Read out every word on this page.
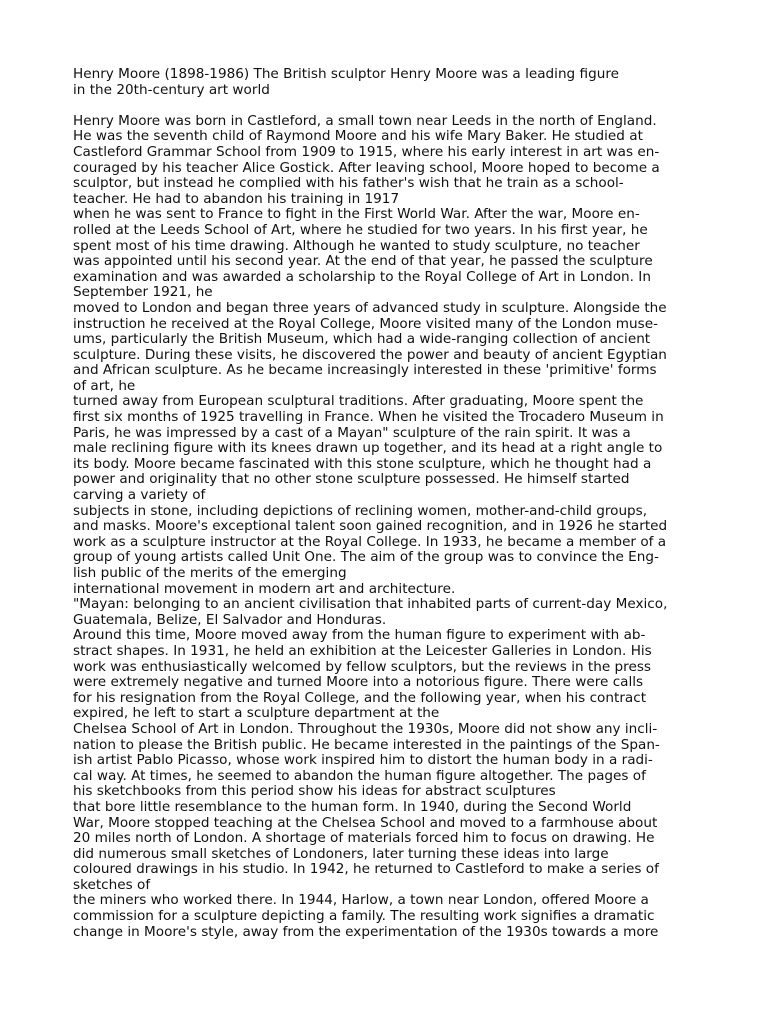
Henry Moore (1898-1986) The British sculptor Henry Moore was a leading figure
in the 20th-century art world
Henry Moore was born in Castleford, a small town near Leeds in the north of England.
He was the seventh child of Raymond Moore and his wife Mary Baker. He studied at
Castleford Grammar School from 1909 to 1915, where his early interest in art was en-
couraged by his teacher Alice Gostick. After leaving school, Moore hoped to become a
sculptor, but instead he complied with his father's wish that he train as a school-
teacher. He had to abandon his training in 1917
when he was sent to France to fight in the First World War. After the war, Moore en-
rolled at the Leeds School of Art, where he studied for two years. In his first year, he
spent most of his time drawing. Although he wanted to study sculpture, no teacher
was appointed until his second year. At the end of that year, he passed the sculpture
examination and was awarded a scholarship to the Royal College of Art in London. In
September 1921, he
moved to London and began three years of advanced study in sculpture. Alongside the
instruction he received at the Royal College, Moore visited many of the London muse-
ums, particularly the British Museum, which had a wide-ranging collection of ancient
sculpture. During these visits, he discovered the power and beauty of ancient Egyptian
and African sculpture. As he became increasingly interested in these 'primitive' forms
of art, he
turned away from European sculptural traditions. After graduating, Moore spent the
first six months of 1925 travelling in France. When he visited the Trocadero Museum in
Paris, he was impressed by a cast of a Mayan" sculpture of the rain spirit. It was a
male reclining figure with its knees drawn up together, and its head at a right angle to
its body. Moore became fascinated with this stone sculpture, which he thought had a
power and originality that no other stone sculpture possessed. He himself started
carving a variety of
subjects in stone, including depictions of reclining women, mother-and-child groups,
and masks. Moore's exceptional talent soon gained recognition, and in 1926 he started
work as a sculpture instructor at the Royal College. In 1933, he became a member of a
group of young artists called Unit One. The aim of the group was to convince the Eng-
lish public of the merits of the emerging
international movement in modern art and architecture.
"Mayan: belonging to an ancient civilisation that inhabited parts of current-day Mexico,
Guatemala, Belize, El Salvador and Honduras.
Around this time, Moore moved away from the human figure to experiment with ab-
stract shapes. In 1931, he held an exhibition at the Leicester Galleries in London. His
work was enthusiastically welcomed by fellow sculptors, but the reviews in the press
were extremely negative and turned Moore into a notorious figure. There were calls
for his resignation from the Royal College, and the following year, when his contract
expired, he left to start a sculpture department at the
Chelsea School of Art in London. Throughout the 1930s, Moore did not show any incli-
nation to please the British public. He became interested in the paintings of the Span-
ish artist Pablo Picasso, whose work inspired him to distort the human body in a radi-
cal way. At times, he seemed to abandon the human figure altogether. The pages of
his sketchbooks from this period show his ideas for abstract sculptures
that bore little resemblance to the human form. In 1940, during the Second World
War, Moore stopped teaching at the Chelsea School and moved to a farmhouse about
20 miles north of London. A shortage of materials forced him to focus on drawing. He
did numerous small sketches of Londoners, later turning these ideas into large
coloured drawings in his studio. In 1942, he returned to Castleford to make a series of
sketches of
the miners who worked there. In 1944, Harlow, a town near London, offered Moore a
commission for a sculpture depicting a family. The resulting work signifies a dramatic
change in Moore's style, away from the experimentation of the 1930s towards a more
